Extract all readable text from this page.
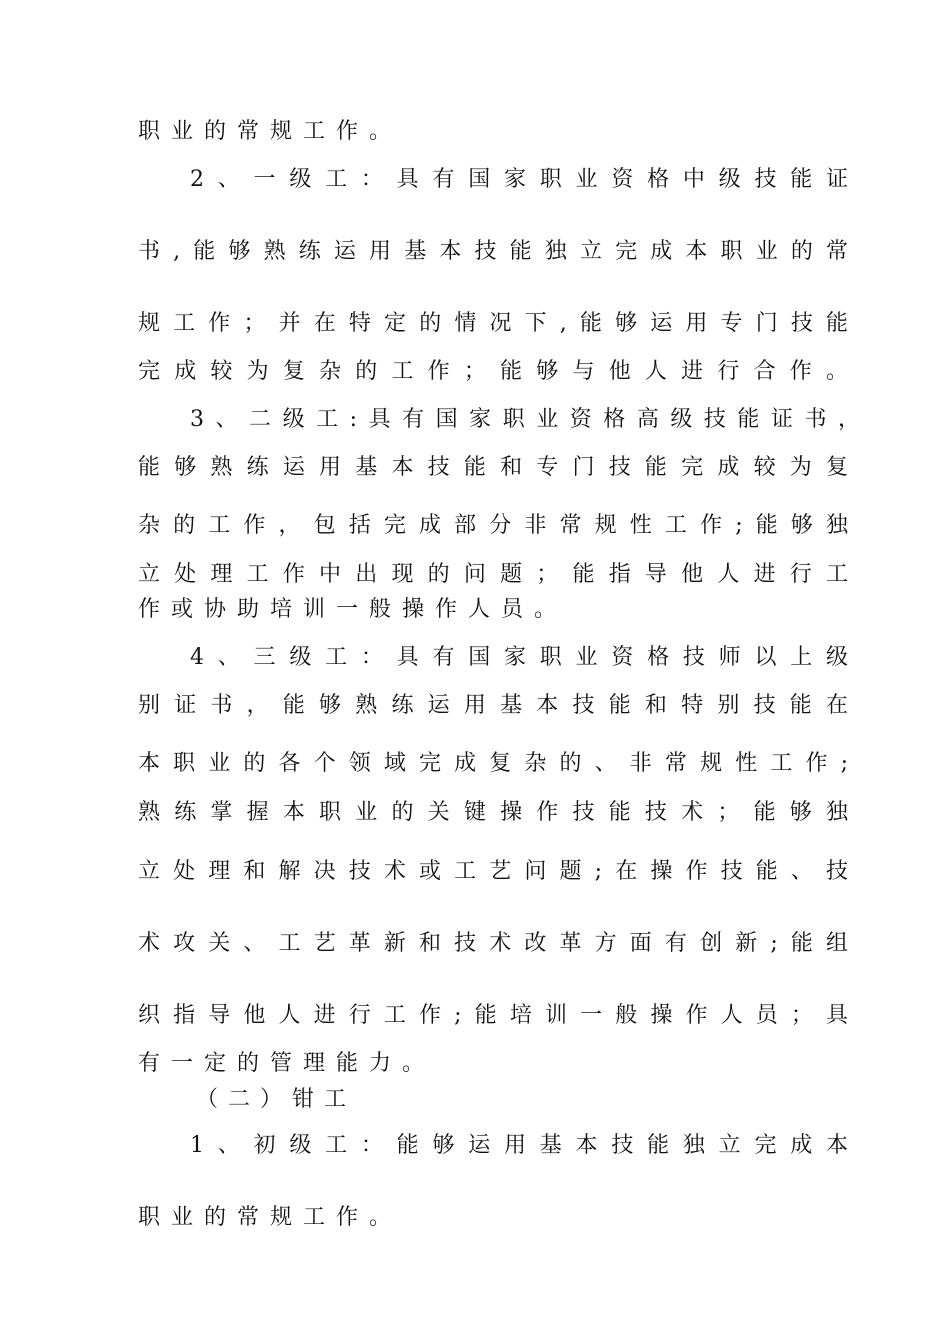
职业的常规工作。
2、一级工：具有国家职业资格中级技能证
书,能够熟练运用基本技能独立完成本职业的常
规工作；并在特定的情况下,能够运用专门技能
完成较为复杂的工作；能够与他人进行合作。
3、二级工:具有国家职业资格高级技能证书，
能够熟练运用基本技能和专门技能完成较为复
杂的工作，包括完成部分非常规性工作;能够独
立处理工作中出现的问题；能指导他人进行工
作或协助培训一般操作人员。
4、三级工：具有国家职业资格技师以上级
别证书，能够熟练运用基本技能和特别技能在
本职业的各个领域完成复杂的、非常规性工作;
熟练掌握本职业的关键操作技能技术；能够独
立处理和解决技术或工艺问题;在操作技能、技
术攻关、工艺革新和技术改革方面有创新;能组
织指导他人进行工作;能培训一般操作人员；具
有一定的管理能力。
（二）钳工
1、初级工：能够运用基本技能独立完成本
职业的常规工作。
